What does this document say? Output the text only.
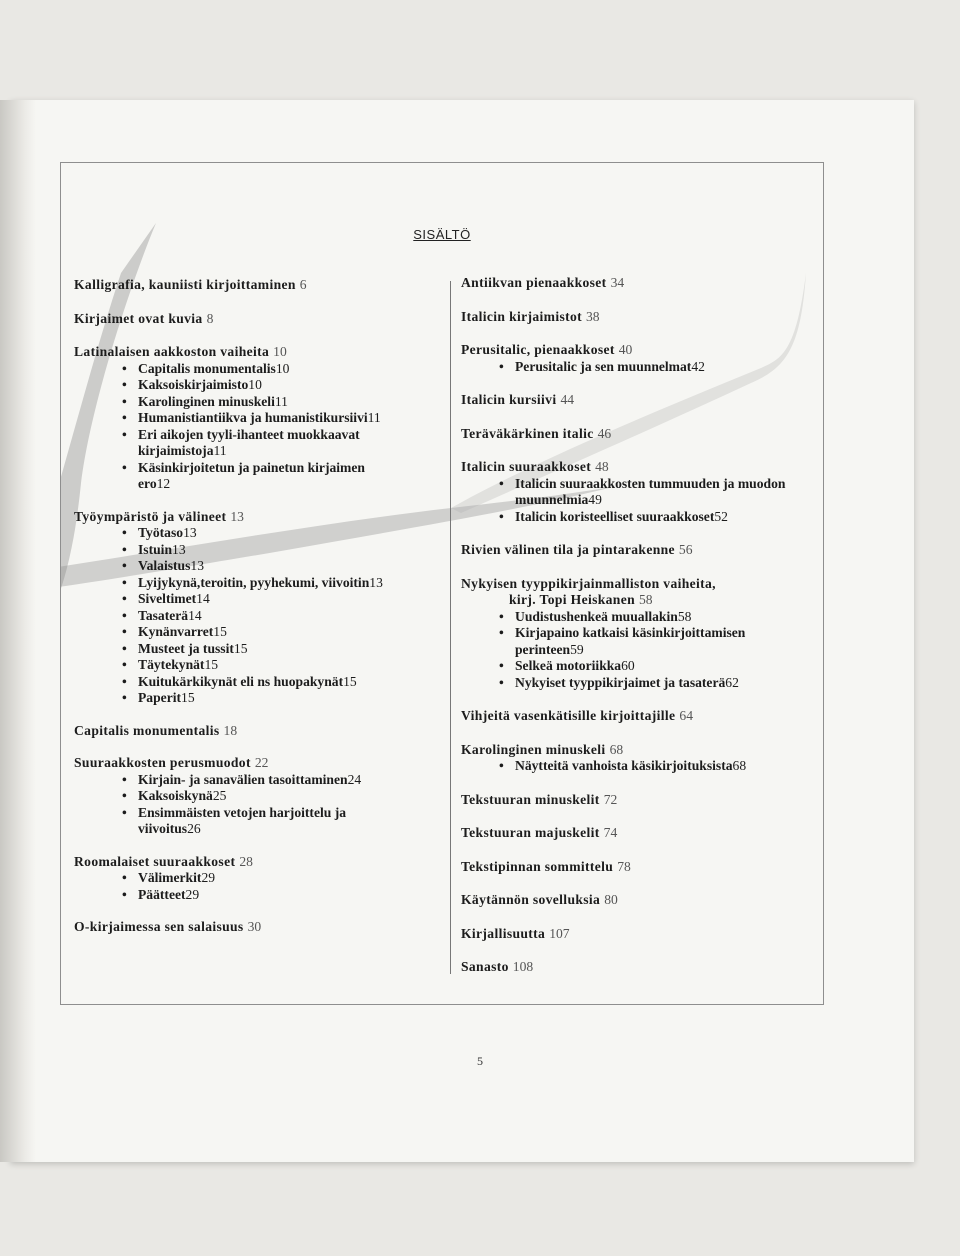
SISÄLTÖ
Kalligrafia, kauniisti kirjoittaminen 6
Kirjaimet ovat kuvia 8
Latinalaisen aakkoston vaiheita 10
• Capitalis monumentalis10
• Kaksoiskirjaimisto10
• Karolinginen minuskeli11
• Humanistiantiikva ja humanistikursiivi11
• Eri aikojen tyyli-ihanteet muokkaavat kirjaimistoja11
• Käsinkirjoitetun ja painetun kirjaimen ero12
Työympäristö ja välineet 13
• Työtaso13
• Istuin13
• Valaistus13
• Lyijykynä,teroitin, pyyhekumi, viivoitin13
• Siveltimet14
• Tasaterä14
• Kynänvarret15
• Musteet ja tussit15
• Täytekynät15
• Kuitukärkikynät eli ns huopakynät15
• Paperit15
Capitalis monumentalis 18
Suuraakkosten perusmuodot 22
• Kirjain- ja sanavälien tasoittaminen24
• Kaksoiskynä25
• Ensimmäisten vetojen harjoittelu ja viivoitus26
Roomalaiset suuraakkoset 28
• Välimerkit29
• Päätteet29
O-kirjaimessa sen salaisuus 30
Antiikvan pienaakkoset 34
Italicin kirjaimistot 38
Perusitalic, pienaakkoset 40
• Perusitalic ja sen muunnelmat42
Italicin kursiivi 44
Teräväkärkinen italic 46
Italicin suuraakkoset 48
• Italicin suuraakkosten tummuuden ja muodon muunnelmia49
• Italicin koristeelliset suuraakkoset52
Rivien välinen tila ja pintarakenne 56
Nykyisen tyyppikirjainmalliston vaiheita,
kirj. Topi Heiskanen 58
• Uudistushenkeä muuallakin58
• Kirjapaino katkaisi käsinkirjoittamisen perinteen59
• Selkeä motoriikka60
• Nykyiset tyyppikirjaimet ja tasaterä62
Vihjeitä vasenkätisille kirjoittajille 64
Karolinginen minuskeli 68
• Näytteitä vanhoista käsikirjoituksista68
Tekstuuran minuskelit 72
Tekstuuran majuskelit 74
Tekstipinnan sommittelu 78
Käytännön sovelluksia 80
Kirjallisuutta 107
Sanasto 108
5
